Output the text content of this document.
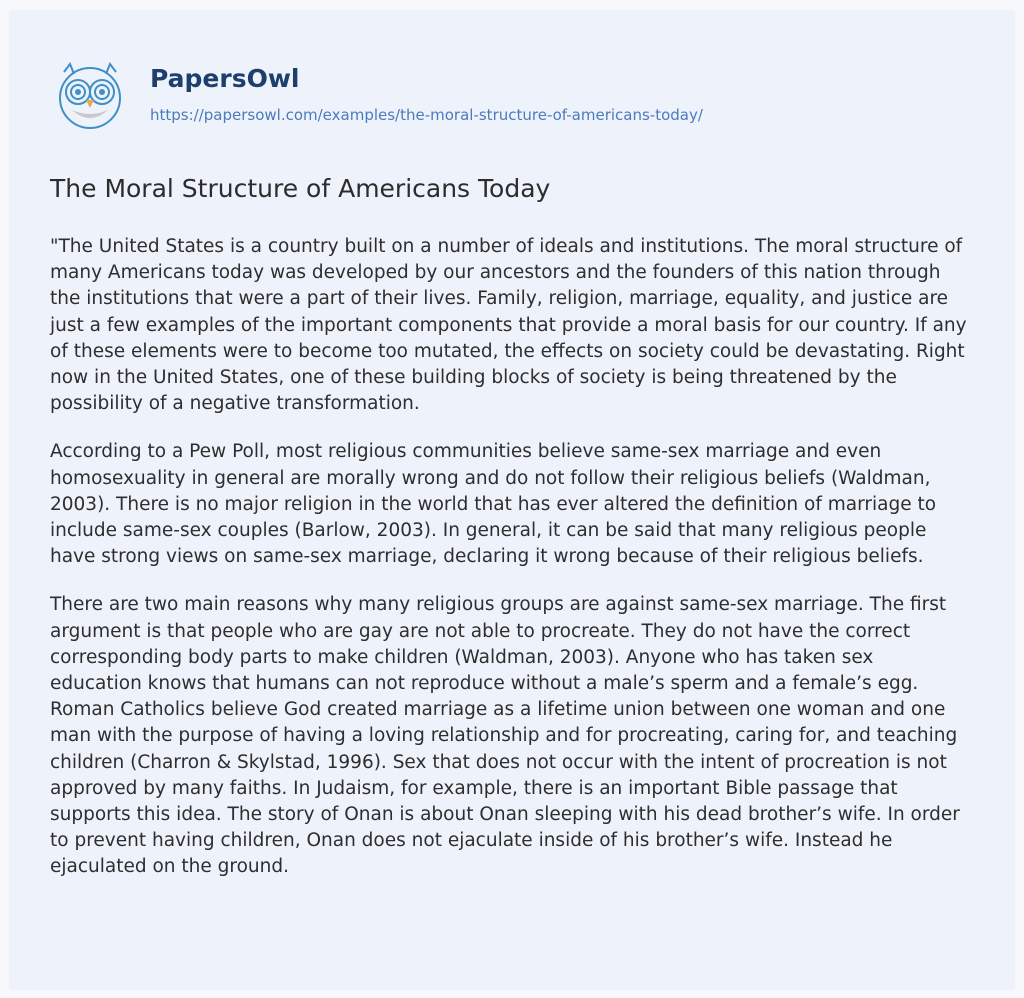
PapersOwl
https://papersowl.com/examples/the-moral-structure-of-americans-today/
The Moral Structure of Americans Today

"The United States is a country built on a number of ideals and institutions. The moral structure of many Americans today was developed by our ancestors and the founders of this nation through the institutions that were a part of their lives. Family, religion, marriage, equality, and justice are just a few examples of the important components that provide a moral basis for our country. If any of these elements were to become too mutated, the effects on society could be devastating. Right now in the United States, one of these building blocks of society is being threatened by the possibility of a negative transformation.

According to a Pew Poll, most religious communities believe same-sex marriage and even homosexuality in general are morally wrong and do not follow their religious beliefs (Waldman, 2003). There is no major religion in the world that has ever altered the definition of marriage to include same-sex couples (Barlow, 2003). In general, it can be said that many religious people have strong views on same-sex marriage, declaring it wrong because of their religious beliefs.

There are two main reasons why many religious groups are against same-sex marriage. The first argument is that people who are gay are not able to procreate. They do not have the correct corresponding body parts to make children (Waldman, 2003). Anyone who has taken sex education knows that humans can not reproduce without a male’s sperm and a female’s egg. Roman Catholics believe God created marriage as a lifetime union between one woman and one man with the purpose of having a loving relationship and for procreating, caring for, and teaching children (Charron & Skylstad, 1996). Sex that does not occur with the intent of procreation is not approved by many faiths. In Judaism, for example, there is an important Bible passage that supports this idea. The story of Onan is about Onan sleeping with his dead brother’s wife. In order to prevent having children, Onan does not ejaculate inside of his brother’s wife. Instead he ejaculated on the ground.
